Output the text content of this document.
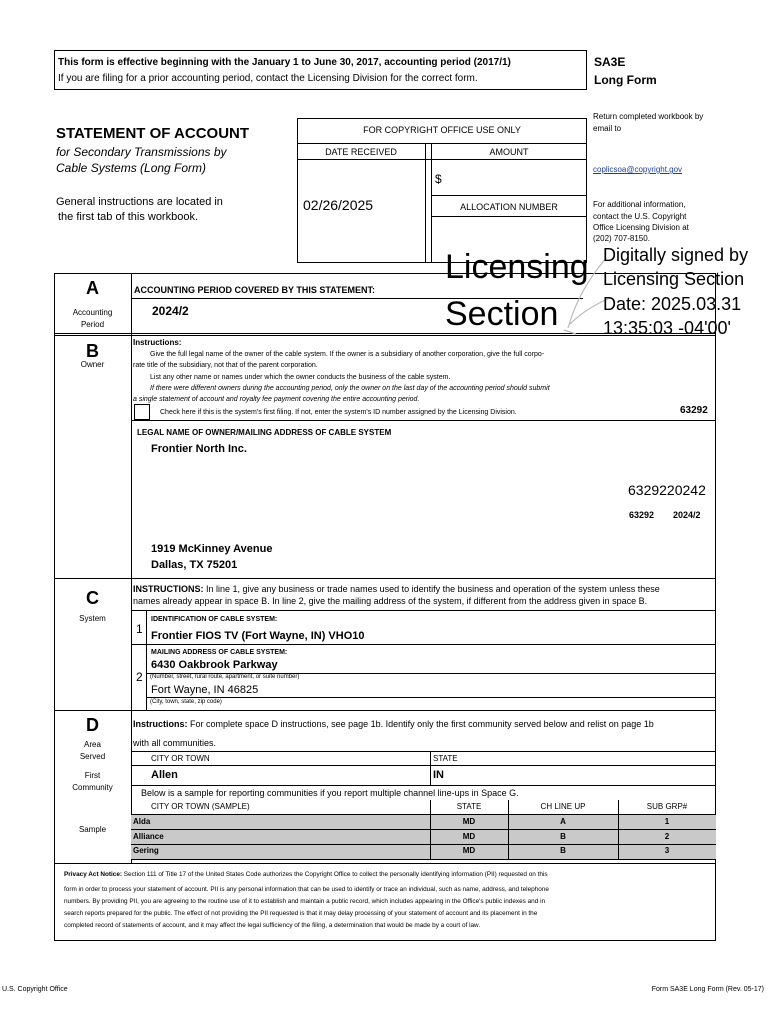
This form is effective beginning with the January 1 to June 30, 2017, accounting period (2017/1)
If you are filing for a prior accounting period, contact the Licensing Division for the correct form.
SA3E
Long Form
STATEMENT OF ACCOUNT
for Secondary Transmissions by
Cable Systems (Long Form)
General instructions are located in
the first tab of this workbook.
FOR COPYRIGHT OFFICE USE ONLY
DATE RECEIVED	AMOUNT
$
ALLOCATION NUMBER
02/26/2025
Return completed workbook by
email to
coplicsoa@copyright.gov
For additional information,
contact the U.S. Copyright
Office Licensing Division at
(202) 707-8150.
A
Accounting
Period
ACCOUNTING PERIOD COVERED BY THIS STATEMENT:
2024/2
B
Owner
Instructions:
Give the full legal name of the owner of the cable system. If the owner is a subsidiary of another corporation, give the full corpo-
rate title of the subsidiary, not that of the parent corporation.
List any other name or names under which the owner conducts the business of the cable system.
If there were different owners during the accounting period, only the owner on the last day of the accounting period should submit
a single statement of account and royalty fee payment covering the entire accounting period.
Check here if this is the system's first filing. If not, enter the system's ID number assigned by the Licensing Division.	63292
LEGAL NAME OF OWNER/MAILING ADDRESS OF CABLE SYSTEM
Frontier North Inc.
6329220242
63292 2024/2
1919 McKinney Avenue
Dallas, TX 75201
C
System
INSTRUCTIONS: In line 1, give any business or trade names used to identify the business and operation of the system unless these
names already appear in space B. In line 2, give the mailing address of the system, if different from the address given in space B.
1
IDENTIFICATION OF CABLE SYSTEM:
Frontier FIOS TV (Fort Wayne, IN) VHO10
2
MAILING ADDRESS OF CABLE SYSTEM:
6430 Oakbrook Parkway
(Number, street, rural route, apartment, or suite number)
Fort Wayne, IN 46825
(City, town, state, zip code)
D
Area
Served
First
Community
Sample
Instructions: For complete space D instructions, see page 1b. Identify only the first community served below and relist on page 1b
with all communities.
CITY OR TOWN	STATE
Allen	IN
Below is a sample for reporting communities if you report multiple channel line-ups in Space G.
CITY OR TOWN (SAMPLE)	STATE	CH LINE UP	SUB GRP#
Alda	MD	A	1
Alliance	MD	B	2
Gering	MD	B	3
Privacy Act Notice: Section 111 of Title 17 of the United States Code authorizes the Copyright Office to collect the personally identifying information (PII) requested on this
form in order to process your statement of account. PII is any personal information that can be used to identify or trace an individual, such as name, address, and telephone
numbers. By providing PII, you are agreeing to the routine use of it to establish and maintain a public record, which includes appearing in the Office's public indexes and in
search reports prepared for the public. The effect of not providing the PII requested is that it may delay processing of your statement of account and its placement in the
completed record of statements of account, and it may affect the legal sufficiency of the filing, a determination that would be made by a court of law.
Licensing
Section
Digitally signed by
Licensing Section
Date: 2025.03.31
13:35:03 -04'00'
U.S. Copyright Office	Form SA3E Long Form (Rev. 05-17)
